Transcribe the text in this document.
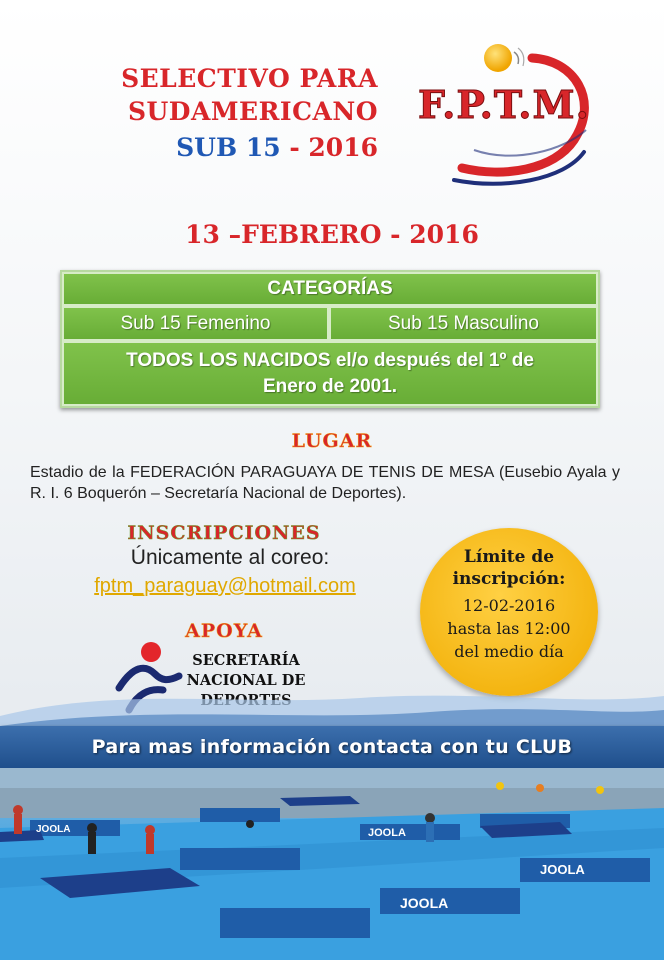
SELECTIVO PARA
SUDAMERICANO
SUB 15 - 2016
F.P.T.M.
13 –FEBRERO - 2016
CATEGORÍAS
Sub 15 Femenino	Sub 15 Masculino
TODOS LOS NACIDOS el/o después del 1º de Enero de 2001.
LUGAR
Estadio de la FEDERACIÓN PARAGUAYA DE TENIS DE MESA (Eusebio Ayala y R. I. 6 Boquerón – Secretaría Nacional de Deportes).
INSCRIPCIONES
Únicamente al coreo:
fptm_paraguay@hotmail.com
APOYA
SECRETARÍA
NACIONAL DE
Límite de
inscripción:
12-02-2016
hasta las 12:00
del medio día
Para mas información contacta con tu CLUB
JOOLA	JOOLA
JOOLA
JOOLA
